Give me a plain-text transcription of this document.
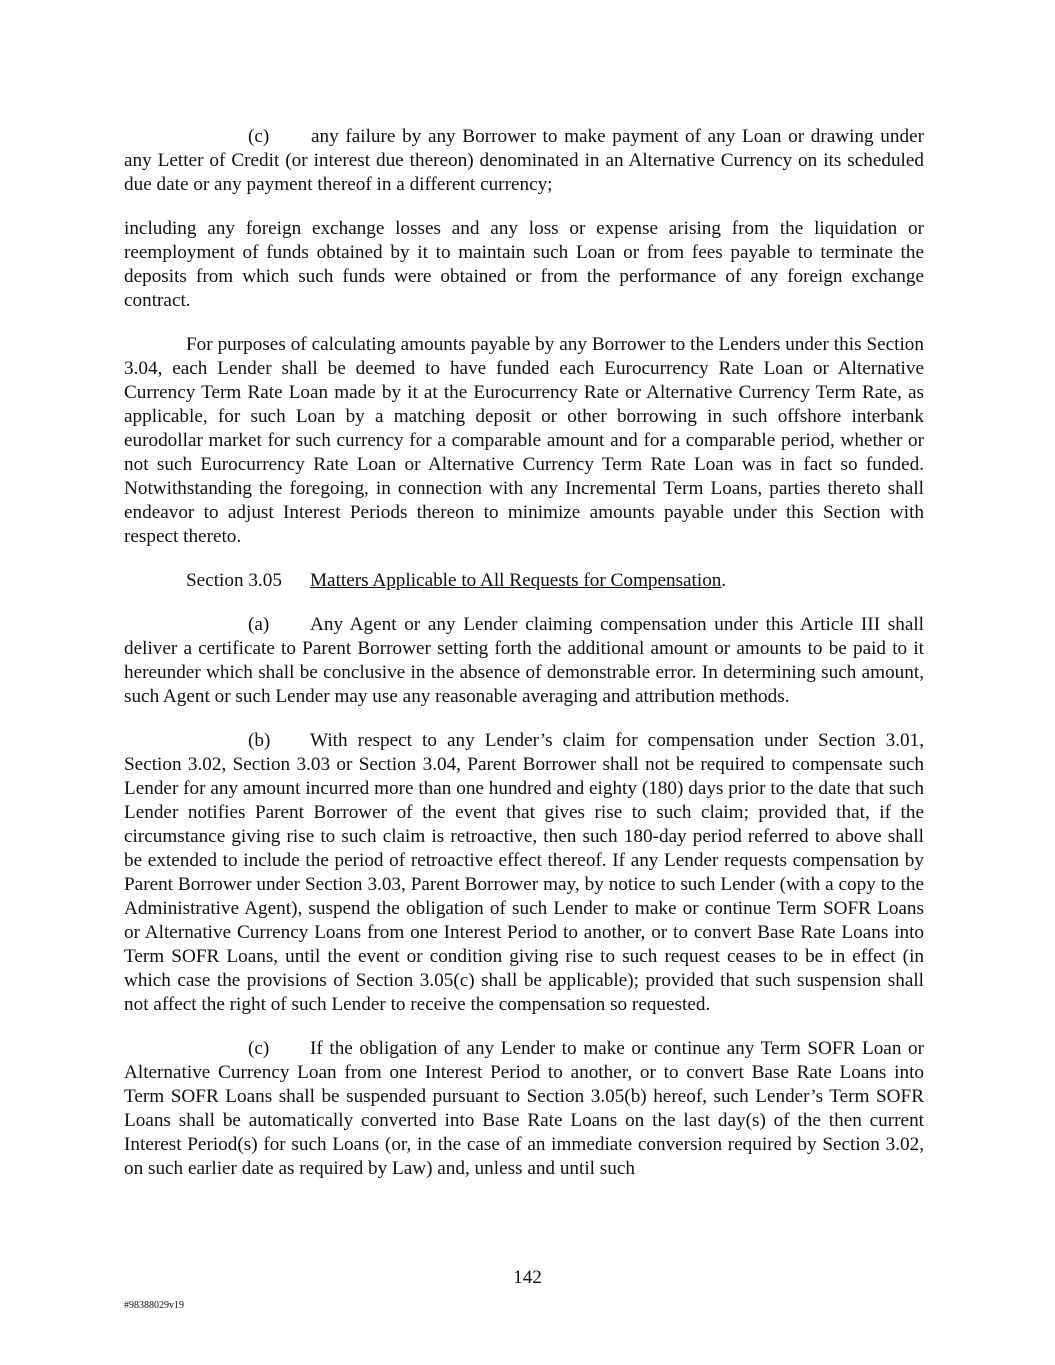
(c) any failure by any Borrower to make payment of any Loan or drawing under any Letter of Credit (or interest due thereon) denominated in an Alternative Currency on its scheduled due date or any payment thereof in a different currency;

including any foreign exchange losses and any loss or expense arising from the liquidation or reemployment of funds obtained by it to maintain such Loan or from fees payable to terminate the deposits from which such funds were obtained or from the performance of any foreign exchange contract.

For purposes of calculating amounts payable by any Borrower to the Lenders under this Section 3.04, each Lender shall be deemed to have funded each Eurocurrency Rate Loan or Alternative Currency Term Rate Loan made by it at the Eurocurrency Rate or Alternative Currency Term Rate, as applicable, for such Loan by a matching deposit or other borrowing in such offshore interbank eurodollar market for such currency for a comparable amount and for a comparable period, whether or not such Eurocurrency Rate Loan or Alternative Currency Term Rate Loan was in fact so funded. Notwithstanding the foregoing, in connection with any Incremental Term Loans, parties thereto shall endeavor to adjust Interest Periods thereon to minimize amounts payable under this Section with respect thereto.

Section 3.05 Matters Applicable to All Requests for Compensation.

(a) Any Agent or any Lender claiming compensation under this Article III shall deliver a certificate to Parent Borrower setting forth the additional amount or amounts to be paid to it hereunder which shall be conclusive in the absence of demonstrable error. In determining such amount, such Agent or such Lender may use any reasonable averaging and attribution methods.

(b) With respect to any Lender’s claim for compensation under Section 3.01, Section 3.02, Section 3.03 or Section 3.04, Parent Borrower shall not be required to compensate such Lender for any amount incurred more than one hundred and eighty (180) days prior to the date that such Lender notifies Parent Borrower of the event that gives rise to such claim; provided that, if the circumstance giving rise to such claim is retroactive, then such 180-day period referred to above shall be extended to include the period of retroactive effect thereof. If any Lender requests compensation by Parent Borrower under Section 3.03, Parent Borrower may, by notice to such Lender (with a copy to the Administrative Agent), suspend the obligation of such Lender to make or continue Term SOFR Loans or Alternative Currency Loans from one Interest Period to another, or to convert Base Rate Loans into Term SOFR Loans, until the event or condition giving rise to such request ceases to be in effect (in which case the provisions of Section 3.05(c) shall be applicable); provided that such suspension shall not affect the right of such Lender to receive the compensation so requested.

(c) If the obligation of any Lender to make or continue any Term SOFR Loan or Alternative Currency Loan from one Interest Period to another, or to convert Base Rate Loans into Term SOFR Loans shall be suspended pursuant to Section 3.05(b) hereof, such Lender’s Term SOFR Loans shall be automatically converted into Base Rate Loans on the last day(s) of the then current Interest Period(s) for such Loans (or, in the case of an immediate conversion required by Section 3.02, on such earlier date as required by Law) and, unless and until such

142
#98388029v19
